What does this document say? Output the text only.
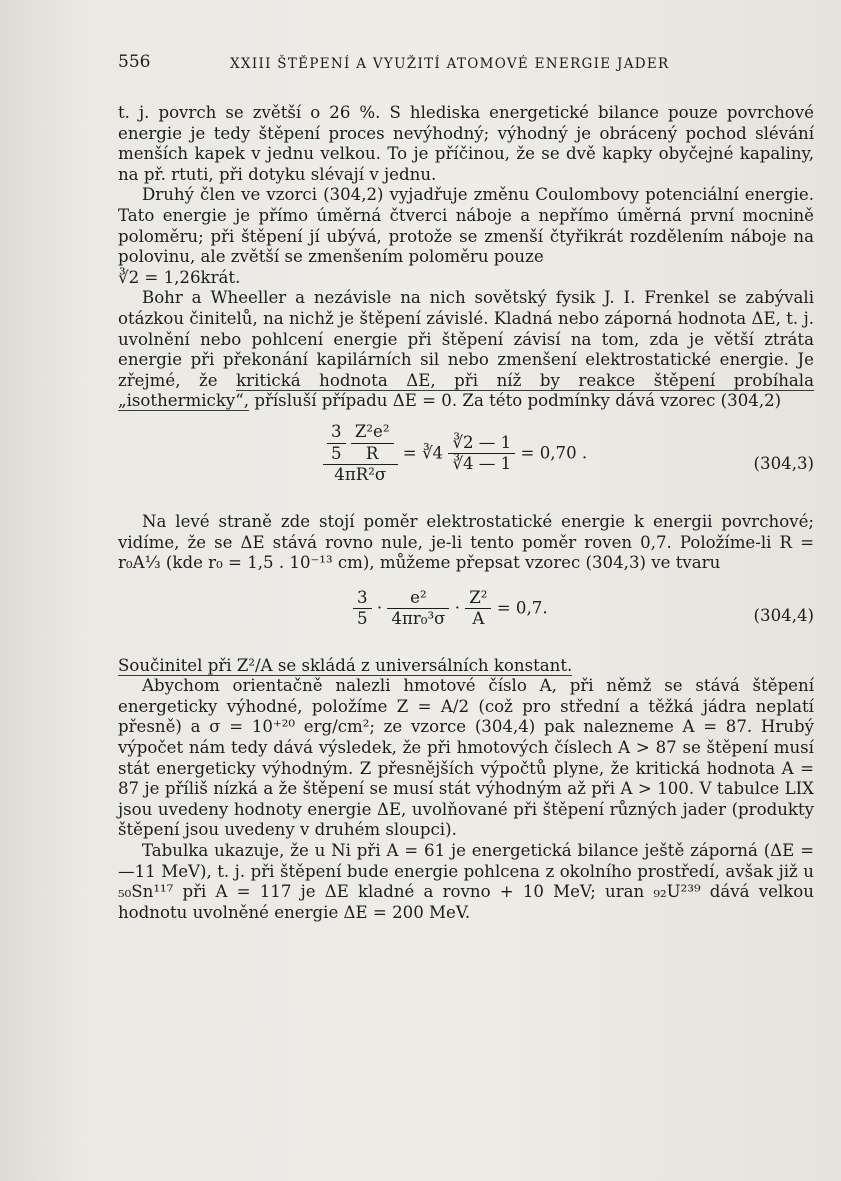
556	XXIII ŠTĚPENÍ A VYUŽITÍ ATOMOVÉ ENERGIE JADER

t. j. povrch se zvětší o 26 %. S hlediska energetické bilance pouze povrchové energie je tedy štěpení proces nevýhodný; výhodný je obrácený pochod slévání menších kapek v jednu velkou. To je příčinou, že se dvě kapky obyčejné kapaliny, na př. rtuti, při dotyku slévají v jednu.

Druhý člen ve vzorci (304,2) vyjadřuje změnu Coulombovy potenciální energie. Tato energie je přímo úměrná čtverci náboje a nepřímo úměrná první mocnině poloměru; při štěpení jí ubývá, protože se zmenší čtyřikrát rozdělením náboje na polovinu, ale zvětší se zmenšením poloměru pouze

∛2 = 1,26krát.

Bohr a Wheeller a nezávisle na nich sovětský fysik J. I. Frenkel se zabývali otázkou činitelů, na nichž je štěpení závislé. Kladná nebo záporná hodnota ΔE, t. j. uvolnění nebo pohlcení energie při štěpení závisí na tom, zda je větší ztráta energie při překonání kapilárních sil nebo zmenšení elektrostatické energie. Je zřejmé, že kritická hodnota ΔE, při níž by reakce štěpení probíhala „isothermicky“, přísluší případu ΔE = 0. Za této podmínky dává vzorec (304,2)

$\frac{3}{5}$
$\frac{\text{Z²e²}}{R}$
4πR²σ
= ∛4 $\frac{∛2 — 1}{∛4 — 1} = 0,70$ .
(304,3)

Na levé straně zde stojí poměr elektrostatické energie k energii povrchové; vidíme, že se ΔE stává rovno nule, je-li tento poměr roven 0,7. Položíme-li R = r₀A⅓ (kde r₀ = 1,5 . 10⁻¹³ cm), můžeme přepsat vzorec (304,3) ve tvaru

$\frac{3}{5} \cdot \frac{\text{e²}}{\text{4πr₀³σ}} \cdot \frac{\text{Z²}}{A} = 0,7$.	(304,4)

Součinitel při Z²/A se skládá z universálních konstant.

Abychom orientačně nalezli hmotové číslo A, při němž se stává štěpení energeticky výhodné, položíme Z = A/2 (což pro střední a těžká jádra neplatí přesně) a σ = 10⁺²⁰ erg/cm²; ze vzorce (304,4) pak nalezneme A = 87. Hrubý výpočet nám tedy dává výsledek, že při hmotových číslech A > 87 se štěpení musí stát energeticky výhodným. Z přesnějších výpočtů plyne, že kritická hodnota A = 87 je příliš nízká a že štěpení se musí stát výhodným až při A > 100. V tabulce LIX jsou uvedeny hodnoty energie ΔE, uvolňované při štěpení různých jader (produkty štěpení jsou uvedeny v druhém sloupci).

Tabulka ukazuje, že u Ni při A = 61 je energetická bilance ještě záporná (ΔE = —11 MeV), t. j. při štěpení bude energie pohlcena z okolního prostředí, avšak již u ₅₀Sn¹¹⁷ při A = 117 je ΔE kladné a rovno + 10 MeV; uran ₉₂U²³⁹ dává velkou hodnotu uvolněné energie ΔE = 200 MeV.
